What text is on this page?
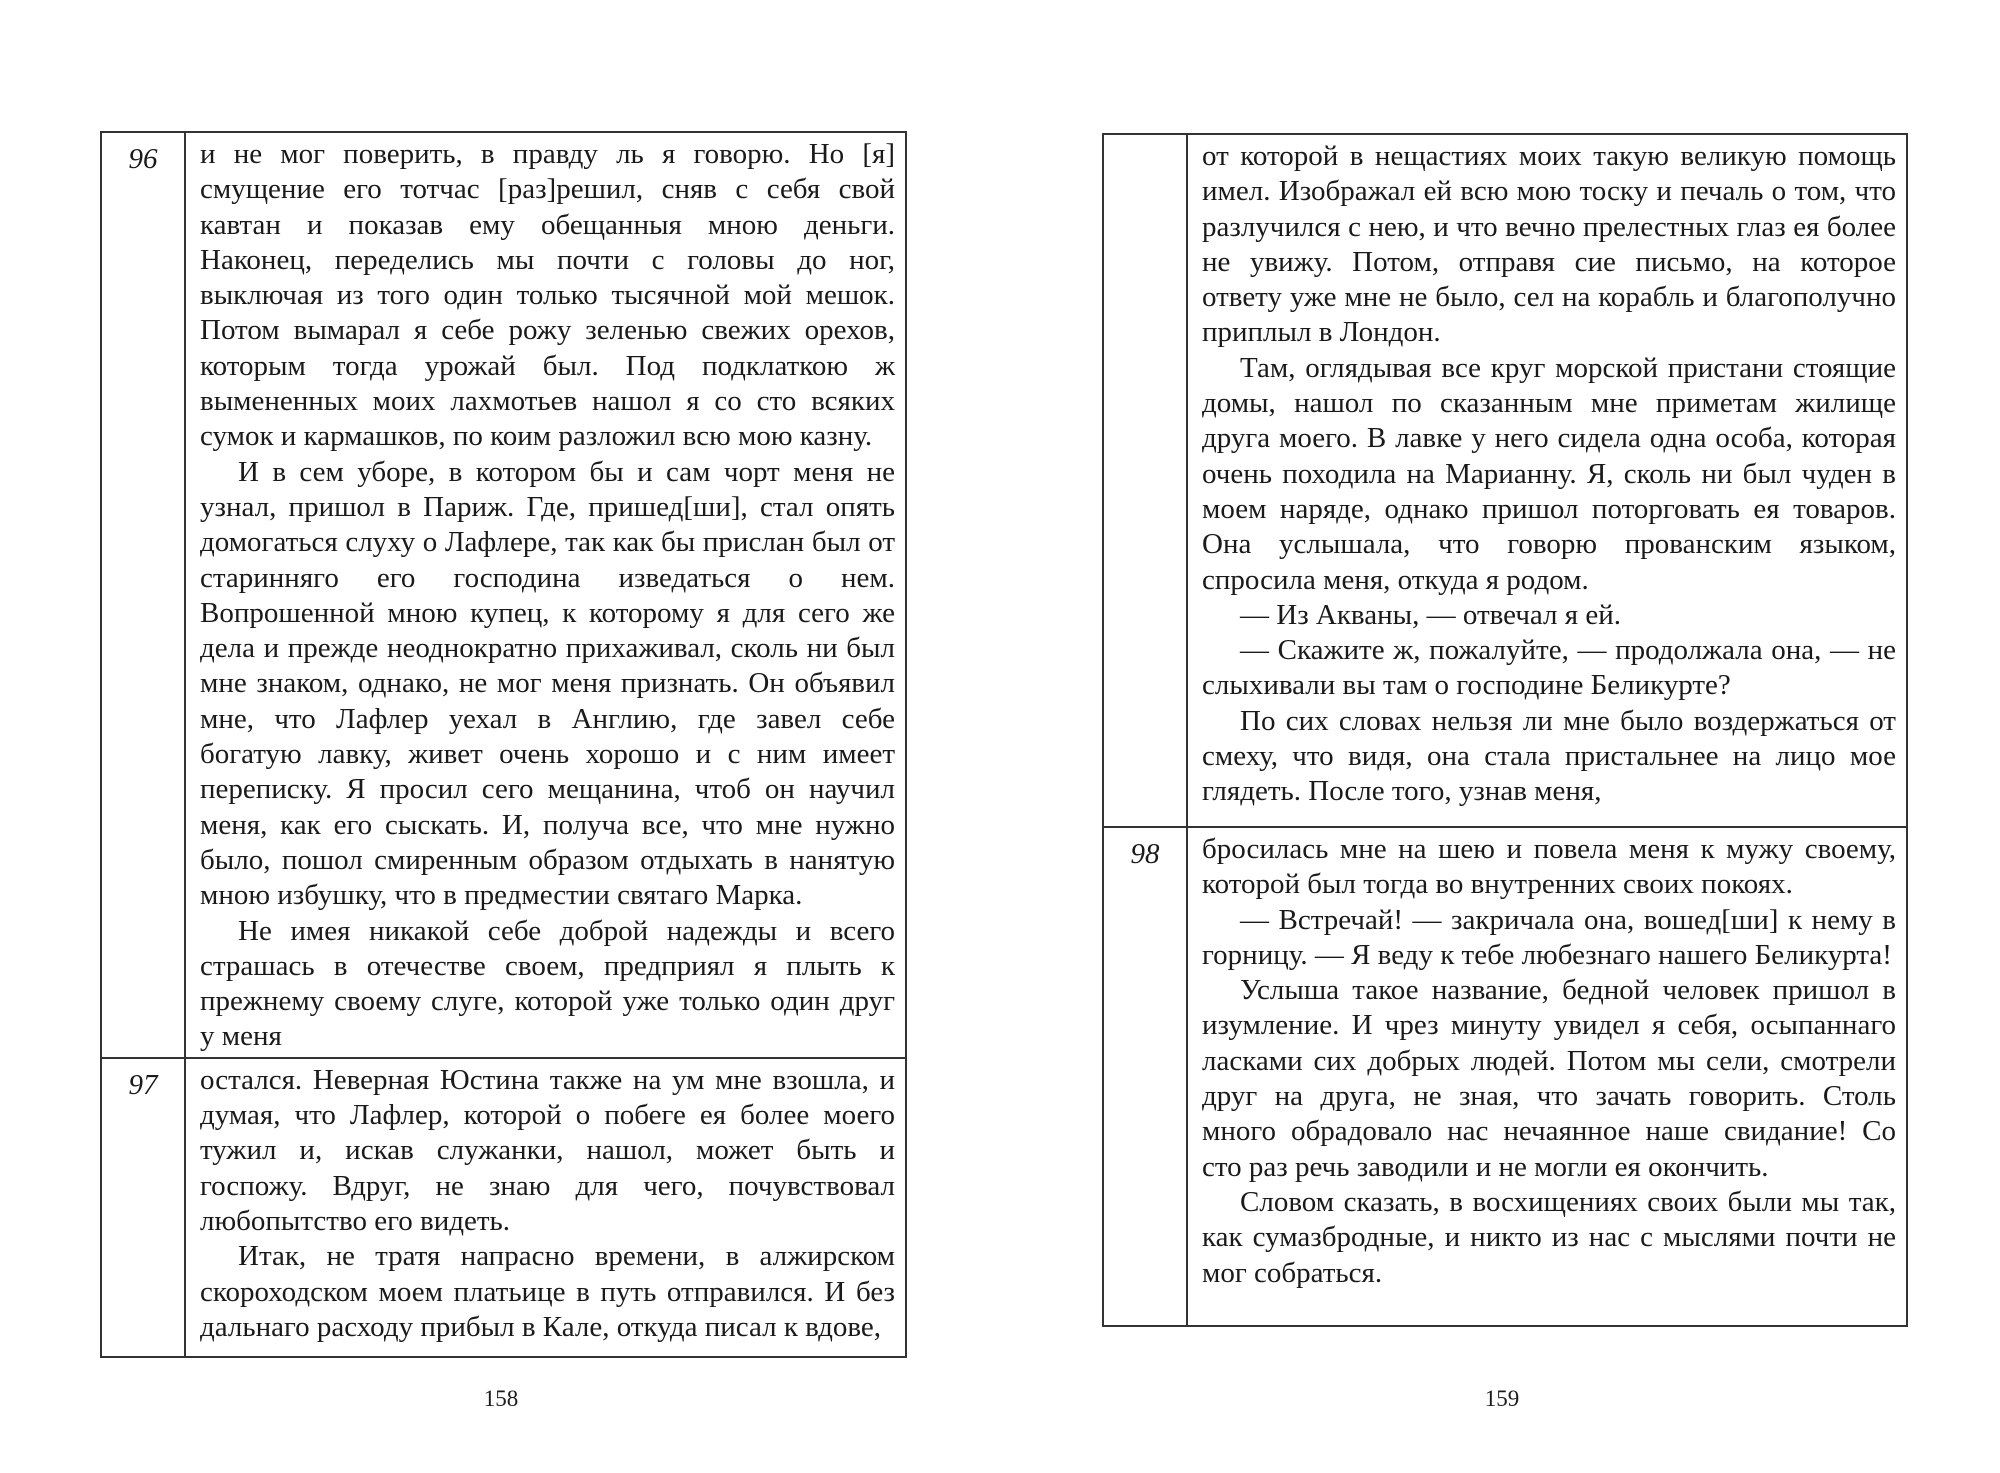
96	и не мог поверить, в правду ль я говорю. Но [я] смущение его тотчас [раз]решил, сняв с себя свой кавтан и показав ему обещанныя мною деньги. Наконец, переделись мы почти с головы до ног, выключая из того один только тысячной мой мешок. Потом вымарал я себе рожу зеленью свежих орехов, которым тогда урожай был. Под подклаткою ж вымененных моих лахмотьев нашол я со сто всяких сумок и кармашков, по коим разложил всю мою казну.

И в сем уборе, в котором бы и сам чорт меня не узнал, пришол в Париж. Где, пришед[ши], стал опять домогаться слуху о Лафлере, так как бы прислан был от старинняго его господина изведаться о нем. Вопрошенной мною купец, к которому я для сего же дела и прежде неоднократно прихаживал, сколь ни был мне знаком, однако, не мог меня признать. Он объявил мне, что Лафлер уехал в Англию, где завел себе богатую лавку, живет очень хорошо и с ним имеет переписку. Я просил сего мещанина, чтоб он научил меня, как его сыскать. И, получа все, что мне нужно было, пошол смиренным образом отдыхать в нанятую мною избушку, что в предместии святаго Марка.

Не имея никакой себе доброй надежды и всего страшась в отечестве своем, предприял я плыть к прежнему своему слуге, которой уже только один друг у меня

97	остался. Неверная Юстина также на ум мне взошла, и думая, что Лафлер, которой о побеге ея более моего тужил и, искав служанки, нашол, может быть и госпожу. Вдруг, не знаю для чего, почувствовал любопытство его видеть.

Итак, не тратя напрасно времени, в алжирском скороходском моем платьице в путь отправился. И без дальнаго расходу прибыл в Кале, откуда писал к вдове,

158

	от которой в нещастиях моих такую великую помощь имел. Изображал ей всю мою тоску и печаль о том, что разлучился с нею, и что вечно прелестных глаз ея более не увижу. Потом, отправя сие письмо, на которое ответу уже мне не было, сел на корабль и благополучно приплыл в Лондон.

Там, оглядывая все круг морской пристани стоящие домы, нашол по сказанным мне приметам жилище друга моего. В лавке у него сидела одна особа, которая очень походила на Марианну. Я, сколь ни был чуден в моем наряде, однако пришол поторговать ея товаров. Она услышала, что говорю прованским языком, спросила меня, откуда я родом.

— Из Акваны, — отвечал я ей.

— Скажите ж, пожалуйте, — продолжала она, — не слыхивали вы там о господине Беликурте?

По сих словах нельзя ли мне было воздержаться от смеху, что видя, она стала пристальнее на лицо мое глядеть. После того, узнав меня,

98	бросилась мне на шею и повела меня к мужу своему, которой был тогда во внутренних своих покоях.

— Встречай! — закричала она, вошед[ши] к нему в горницу. — Я веду к тебе любезнаго нашего Беликурта!

Услыша такое название, бедной человек пришол в изумление. И чрез минуту увидел я себя, осыпаннаго ласками сих добрых людей. Потом мы сели, смотрели друг на друга, не зная, что зачать говорить. Столь много обрадовало нас нечаянное наше свидание! Со сто раз речь заводили и не могли ея окончить.

Словом сказать, в восхищениях своих были мы так, как сумазбродные, и никто из нас с мыслями почти не мог собраться.

159
